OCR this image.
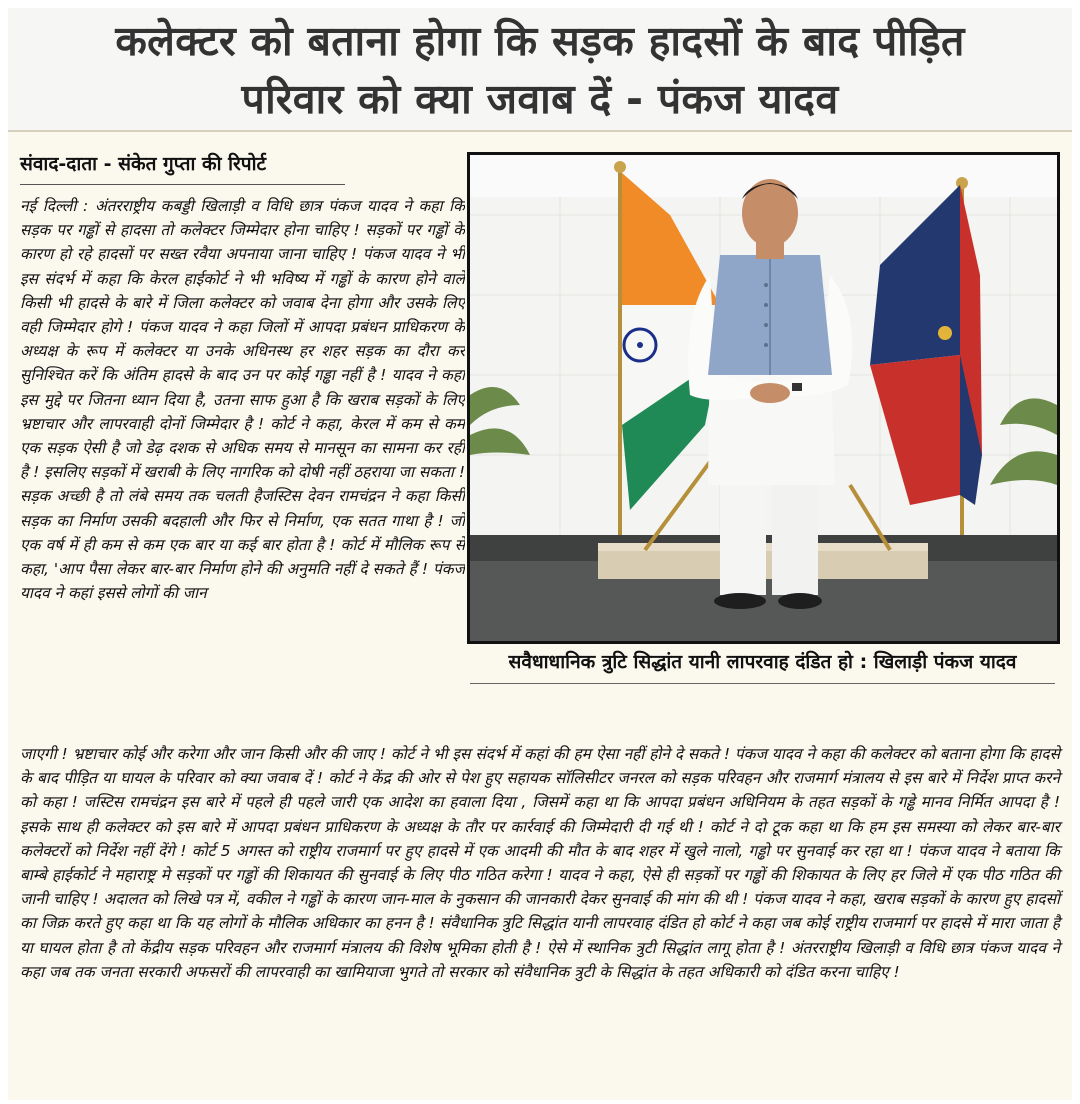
कलेक्टर को बताना होगा कि सड़क हादसों के बाद पीड़ित
परिवार को क्या जवाब दें - पंकज यादव
संवाद-दाता - संकेत गुप्ता की रिपोर्ट

नई दिल्ली : अंतरराष्ट्रीय कबड्डी खिलाड़ी व विधि छात्र पंकज यादव ने कहा कि सड़क पर गड्ढों से हादसा तो कलेक्टर जिम्मेदार होना चाहिए ! सड़कों पर गड्ढों के कारण हो रहे हादसों पर सख्त रवैया अपनाया जाना चाहिए ! पंकज यादव ने भी इस संदर्भ में कहा कि केरल हाईकोर्ट ने भी भविष्य में गड्ढों के कारण होने वाले किसी भी हादसे के बारे में जिला कलेक्टर को जवाब देना होगा और उसके लिए वही जिम्मेदार होगे ! पंकज यादव ने कहा जिलों में आपदा प्रबंधन प्राधिकरण के अध्यक्ष के रूप में कलेक्टर या उनके अधिनस्थ हर शहर सड़क का दौरा कर सुनिश्चित करें कि अंतिम हादसे के बाद उन पर कोई गड्ढा नहीं है ! यादव ने कहा इस मुद्दे पर जितना ध्यान दिया है, उतना साफ हुआ है कि खराब सड़कों के लिए भ्रष्टाचार और लापरवाही दोनों जिम्मेदार है ! कोर्ट ने कहा, केरल में कम से कम एक सड़क ऐसी है जो डेढ़ दशक से अधिक समय से मानसून का सामना कर रही है ! इसलिए सड़कों में खराबी के लिए नागरिक को दोषी नहीं ठहराया जा सकता ! सड़क अच्छी है तो लंबे समय तक चलती हैजस्टिस देवन रामचंद्रन ने कहा किसी सड़क का निर्माण उसकी बदहाली और फिर से निर्माण, एक सतत गाथा है ! जो एक वर्ष में ही कम से कम एक बार या कई बार होता है ! कोर्ट में मौलिक रूप से कहा, 'आप पैसा लेकर बार-बार निर्माण होने की अनुमति नहीं दे सकते हैं ! पंकज यादव ने कहां इससे लोगों की जान

सवैधाधानिक त्रुटि सिद्धांत यानी लापरवाह दंडित हो : खिलाड़ी पंकज यादव

जाएगी ! भ्रष्टाचार कोई और करेगा और जान किसी और की जाए ! कोर्ट ने भी इस संदर्भ में कहां की हम ऐसा नहीं होने दे सकते ! पंकज यादव ने कहा की कलेक्टर को बताना होगा कि हादसे के बाद पीड़ित या घायल के परिवार को क्या जवाब दें ! कोर्ट ने केंद्र की ओर से पेश हुए सहायक सॉलिसीटर जनरल को सड़क परिवहन और राजमार्ग मंत्रालय से इस बारे में निर्देश प्राप्त करने को कहा ! जस्टिस रामचंद्रन इस बारे में पहले ही पहले जारी एक आदेश का हवाला दिया , जिसमें कहा था कि आपदा प्रबंधन अधिनियम के तहत सड़कों के गड्ढे मानव निर्मित आपदा है ! इसके साथ ही कलेक्टर को इस बारे में आपदा प्रबंधन प्राधिकरण के अध्यक्ष के तौर पर कार्रवाई की जिम्मेदारी दी गई थी ! कोर्ट ने दो टूक कहा था कि हम इस समस्या को लेकर बार-बार कलेक्टरों को निर्देश नहीं देंगे ! कोर्ट 5 अगस्त को राष्ट्रीय राजमार्ग पर हुए हादसे में एक आदमी की मौत के बाद शहर में खुले नालो, गड्ढो पर सुनवाई कर रहा था ! पंकज यादव ने बताया कि बाम्बे हाईकोर्ट ने महाराष्ट्र मे सड़कों पर गड्ढों की शिकायत की सुनवाई के लिए पीठ गठित करेगा ! यादव ने कहा, ऐसे ही सड़कों पर गड्ढों की शिकायत के लिए हर जिले में एक पीठ गठित की जानी चाहिए ! अदालत को लिखे पत्र में, वकील ने गड्ढों के कारण जान-माल के नुकसान की जानकारी देकर सुनवाई की मांग की थी ! पंकज यादव ने कहा, खराब सड़कों के कारण हुए हादसों का जिक्र करते हुए कहा था कि यह लोगों के मौलिक अधिकार का हनन है ! संवैधानिक त्रुटि सिद्धांत यानी लापरवाह दंडित हो कोर्ट ने कहा जब कोई राष्ट्रीय राजमार्ग पर हादसे में मारा जाता है या घायल होता है तो केंद्रीय सड़क परिवहन और राजमार्ग मंत्रालय की विशेष भूमिका होती है ! ऐसे में स्थानिक त्रुटी सिद्धांत लागू होता है ! अंतरराष्ट्रीय खिलाड़ी व विधि छात्र पंकज यादव ने कहा जब तक जनता सरकारी अफसरों की लापरवाही का खामियाजा भुगते तो सरकार को संवैधानिक त्रुटी के सिद्धांत के तहत अधिकारी को दंडित करना चाहिए !
